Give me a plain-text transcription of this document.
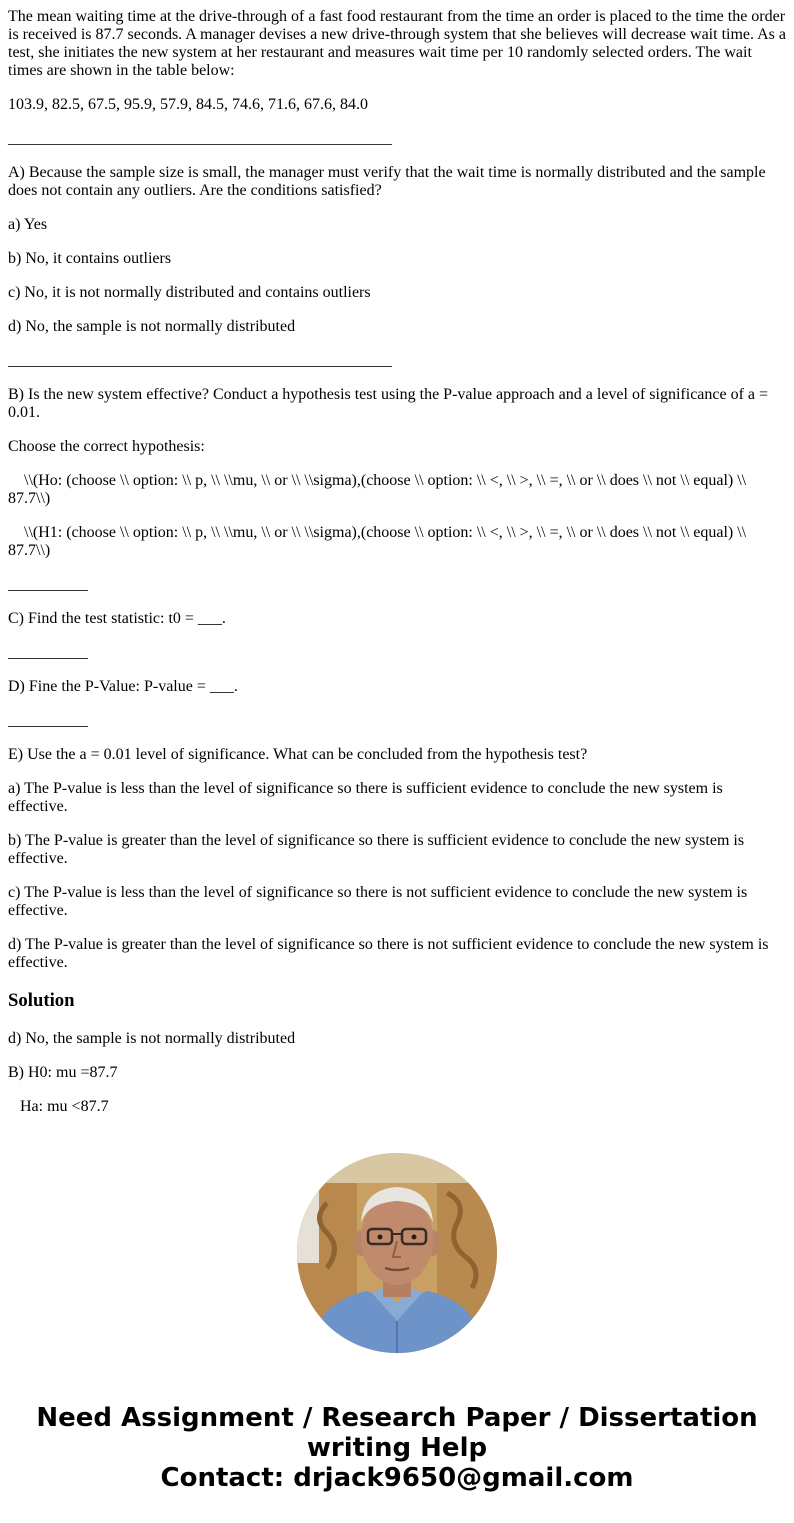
The mean waiting time at the drive-through of a fast food restaurant from the time an order is placed to the time the order is received is 87.7 seconds. A manager devises a new drive-through system that she believes will decrease wait time. As a test, she initiates the new system at her restaurant and measures wait time per 10 randomly selected orders. The wait times are shown in the table below:

103.9, 82.5, 67.5, 95.9, 57.9, 84.5, 74.6, 71.6, 67.6, 84.0

________________________________________________

A) Because the sample size is small, the manager must verify that the wait time is normally distributed and the sample does not contain any outliers. Are the conditions satisfied?

a) Yes

b) No, it contains outliers

c) No, it is not normally distributed and contains outliers

d) No, the sample is not normally distributed

________________________________________________

B) Is the new system effective? Conduct a hypothesis test using the P-value approach and a level of significance of a = 0.01.

Choose the correct hypothesis:

\\(Ho: (choose \\ option: \\ p, \\ \\mu, \\ or \\ \\sigma),(choose \\ option: \\ <, \\ >, \\ =, \\ or \\ does \\ not \\ equal) \\ 87.7\\)

\\(H1: (choose \\ option: \\ p, \\ \\mu, \\ or \\ \\sigma),(choose \\ option: \\ <, \\ >, \\ =, \\ or \\ does \\ not \\ equal) \\ 87.7\\)

__________

C) Find the test statistic: t0 = ___.

__________

D) Fine the P-Value: P-value = ___.

__________

E) Use the a = 0.01 level of significance. What can be concluded from the hypothesis test?

a) The P-value is less than the level of significance so there is sufficient evidence to conclude the new system is effective.

b) The P-value is greater than the level of significance so there is sufficient evidence to conclude the new system is effective.

c) The P-value is less than the level of significance so there is not sufficient evidence to conclude the new system is effective.

d) The P-value is greater than the level of significance so there is not sufficient evidence to conclude the new system is effective.

Solution

d) No, the sample is not normally distributed

B) H0: mu =87.7

Ha: mu <87.7

Need Assignment / Research Paper / Dissertation
writing Help
Contact: drjack9650@gmail.com
